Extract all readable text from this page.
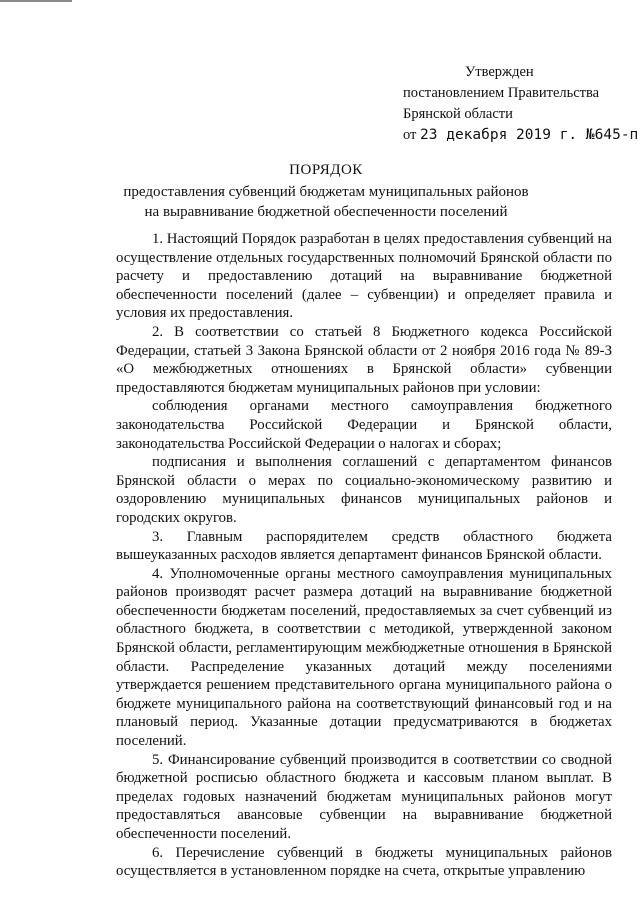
Утвержден
постановлением Правительства
Брянской области
от 23 декабря 2019 г. №645-п
ПОРЯДОК
предоставления субвенций бюджетам муниципальных районов
на выравнивание бюджетной обеспеченности поселений

1. Настоящий Порядок разработан в целях предоставления субвенций на осуществление отдельных государственных полномочий Брянской области по расчету и предоставлению дотаций на выравнивание бюджетной обеспеченности поселений (далее – субвенции) и определяет правила и условия их предоставления.

2. В соответствии со статьей 8 Бюджетного кодекса Российской Федерации, статьей 3 Закона Брянской области от 2 ноября 2016 года № 89-З «О межбюджетных отношениях в Брянской области» субвенции предоставляются бюджетам муниципальных районов при условии:

соблюдения органами местного самоуправления бюджетного законодательства Российской Федерации и Брянской области, законодательства Российской Федерации о налогах и сборах;

подписания и выполнения соглашений с департаментом финансов Брянской области о мерах по социально-экономическому развитию и оздоровлению муниципальных финансов муниципальных районов и городских округов.

3. Главным распорядителем средств областного бюджета вышеуказанных расходов является департамент финансов Брянской области.

4. Уполномоченные органы местного самоуправления муниципальных районов производят расчет размера дотаций на выравнивание бюджетной обеспеченности бюджетам поселений, предоставляемых за счет субвенций из областного бюджета, в соответствии с методикой, утвержденной законом Брянской области, регламентирующим межбюджетные отношения в Брянской области. Распределение указанных дотаций между поселениями утверждается решением представительного органа муниципального района о бюджете муниципального района на соответствующий финансовый год и на плановый период. Указанные дотации предусматриваются в бюджетах поселений.

5. Финансирование субвенций производится в соответствии со сводной бюджетной росписью областного бюджета и кассовым планом выплат. В пределах годовых назначений бюджетам муниципальных районов могут предоставляться авансовые субвенции на выравнивание бюджетной обеспеченности поселений.

6. Перечисление субвенций в бюджеты муниципальных районов осуществляется в установленном порядке на счета, открытые управлению
